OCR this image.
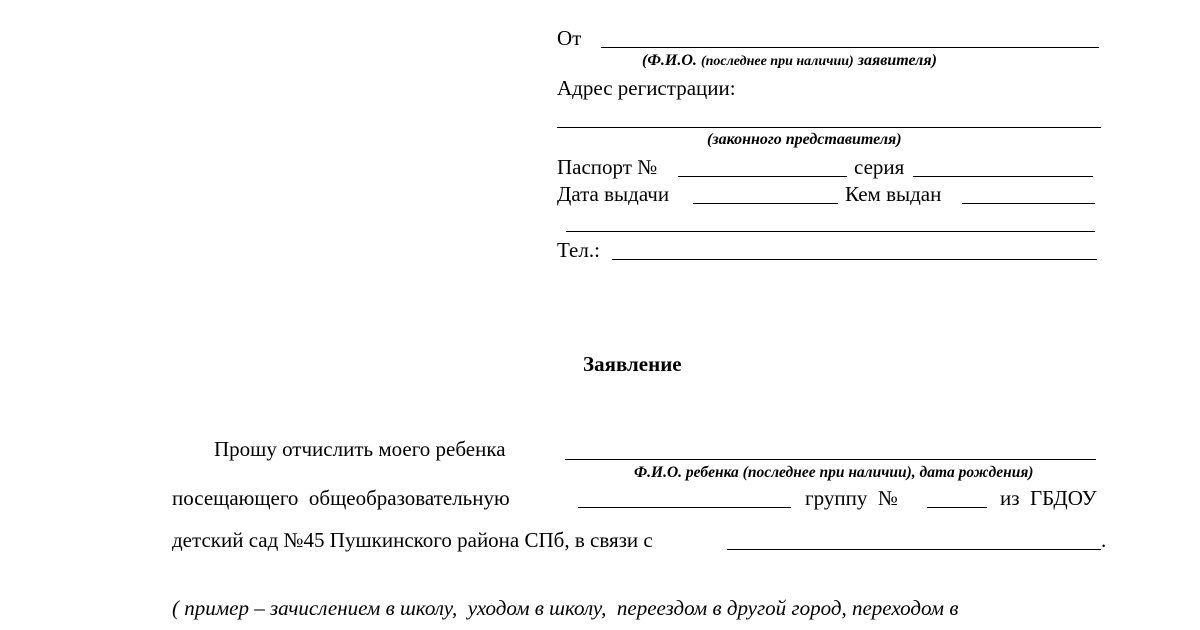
От
(Ф.И.О. (последнее при наличии) заявителя)
Адрес регистрации:
(законного представителя)
Паспорт №	серия
Дата выдачи	Кем выдан
Тел.:
Заявление
Прошу отчислить моего ребенка
Ф.И.О. ребенка (последнее при наличии), дата рождения)
посещающего  общеобразовательную	группу  №	из  ГБДОУ
детский сад №45 Пушкинского района СПб, в связи с	.
( пример – зачислением в школу,  уходом в школу,  переездом в другой город, переходом в
